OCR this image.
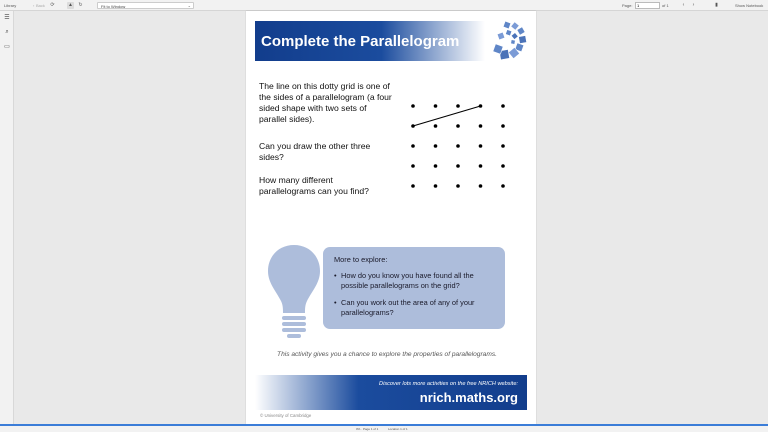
Library	‹ Back ⟳	▲ ↻	Fit to Window	⌄	Page:
1	of 1	‹	›	▮	Show Notebook
☰
⌕
▭	Complete the Parallelogram
The line on this dotty grid is one of the sides of a parallelogram (a four sided shape with two sets of parallel sides).
Can you draw the other three sides?
How many different parallelograms can you find?
More to explore:
• How do you know you have found all the possible parallelograms on the grid?
• Can you work out the area of any of your parallelograms?
This activity gives you a chance to explore the properties of parallelograms.
Discover lots more activities on the free NRICH website:
nrich.maths.org
© University of Cambridge
0% · Page 1 of 1	Location 1 of 1
